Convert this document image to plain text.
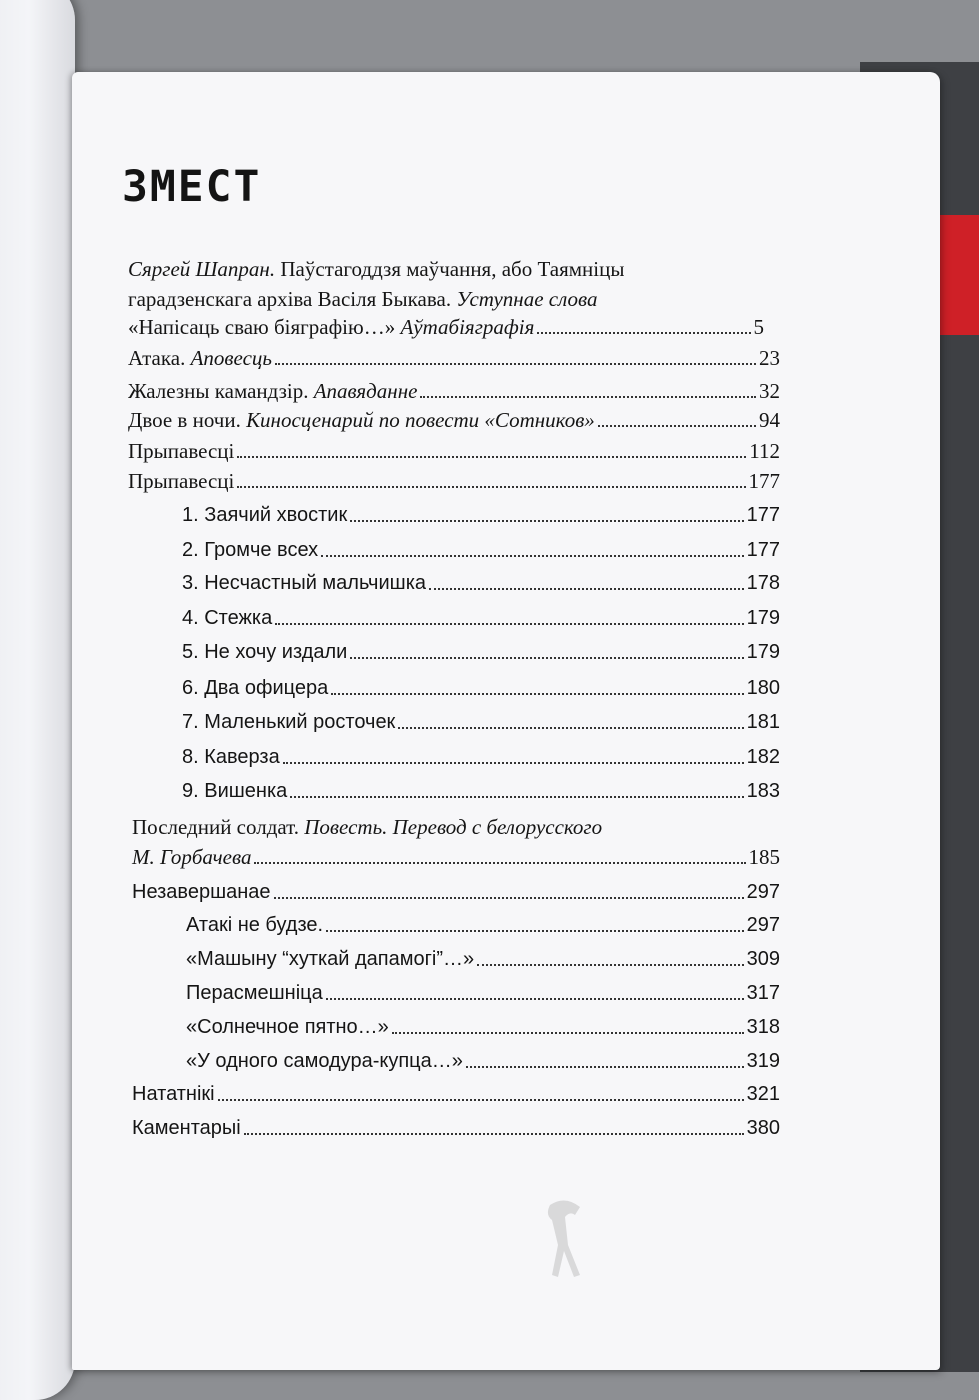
ЗМЕСТ
Сяргей Шапран. Паўстагоддзя маўчання, або Таямніцы
гарадзенскага архіва Васіля Быкава. Уступнае слова
«Напісаць сваю біяграфію…» Аўтабіяграфія	5
Атака. Аповесць	23
Жалезны камандзір. Апавяданне	32
Двое в ночи. Киносценарий по повести «Сотников»	94
Прыпавесці	112
Прыпавесці	177
1. Заячий хвостик	177
2. Громче всех	177
3. Несчастный мальчишка	178
4. Стежка	179
5. Не хочу издали	179
6. Два офицера	180
7. Маленький росточек	181
8. Каверза	182
9. Вишенка	183
Последний солдат. Повесть. Перевод с белорусского
М. Горбачева	185
Незавершанае	297
Атакі не будзе.	297
«Машыну “хуткай дапамогі”…»	309
Перасмешніца	317
«Солнечное пятно…»	318
«У одного самодура-купца…»	319
Нататнікі	321
Каментарыі	380
